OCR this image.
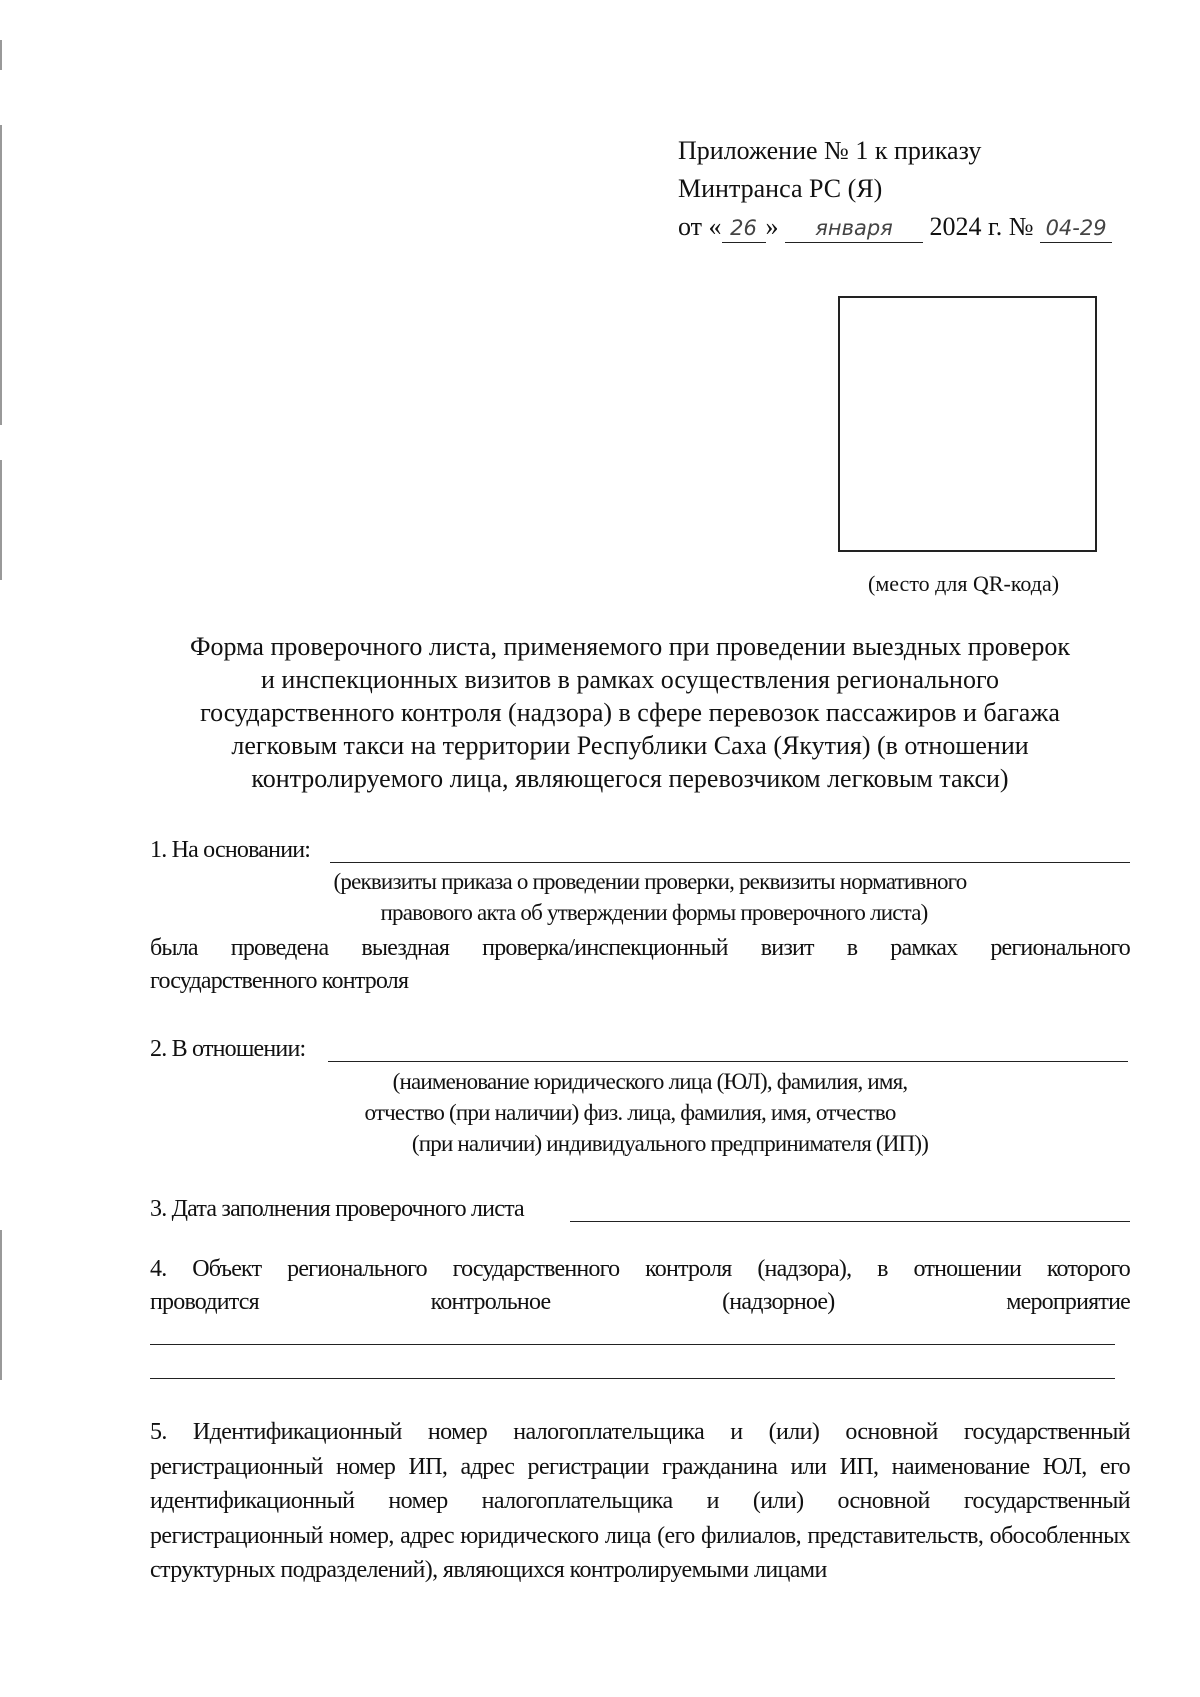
Приложение № 1 к приказу
Минтранса РС (Я)
от « 26 » января 2024 г. № 04-29
(место для QR-кода)
Форма проверочного листа, применяемого при проведении выездных проверок
и инспекционных визитов в рамках осуществления регионального
государственного контроля (надзора) в сфере перевозок пассажиров и багажа
легковым такси на территории Республики Саха (Якутия) (в отношении
контролируемого лица, являющегося перевозчиком легковым такси)
1. На основании:
(реквизиты приказа о проведении проверки, реквизиты нормативного
правового акта об утверждении формы проверочного листа)
была проведена выездная проверка/инспекционный визит в рамках регионального
государственного контроля
2. В отношении:
(наименование юридического лица (ЮЛ), фамилия, имя,
отчество (при наличии) физ. лица, фамилия, имя, отчество
(при наличии) индивидуального предпринимателя (ИП))
3. Дата заполнения проверочного листа
4. Объект регионального государственного контроля (надзора), в отношении которого
проводится контрольное (надзорное) мероприятие
5. Идентификационный номер налогоплательщика и (или) основной государственный регистрационный номер ИП, адрес регистрации гражданина или ИП, наименование ЮЛ, его идентификационный номер налогоплательщика и (или) основной государственный регистрационный номер, адрес юридического лица (его филиалов, представительств, обособленных структурных подразделений), являющихся контролируемыми лицами
